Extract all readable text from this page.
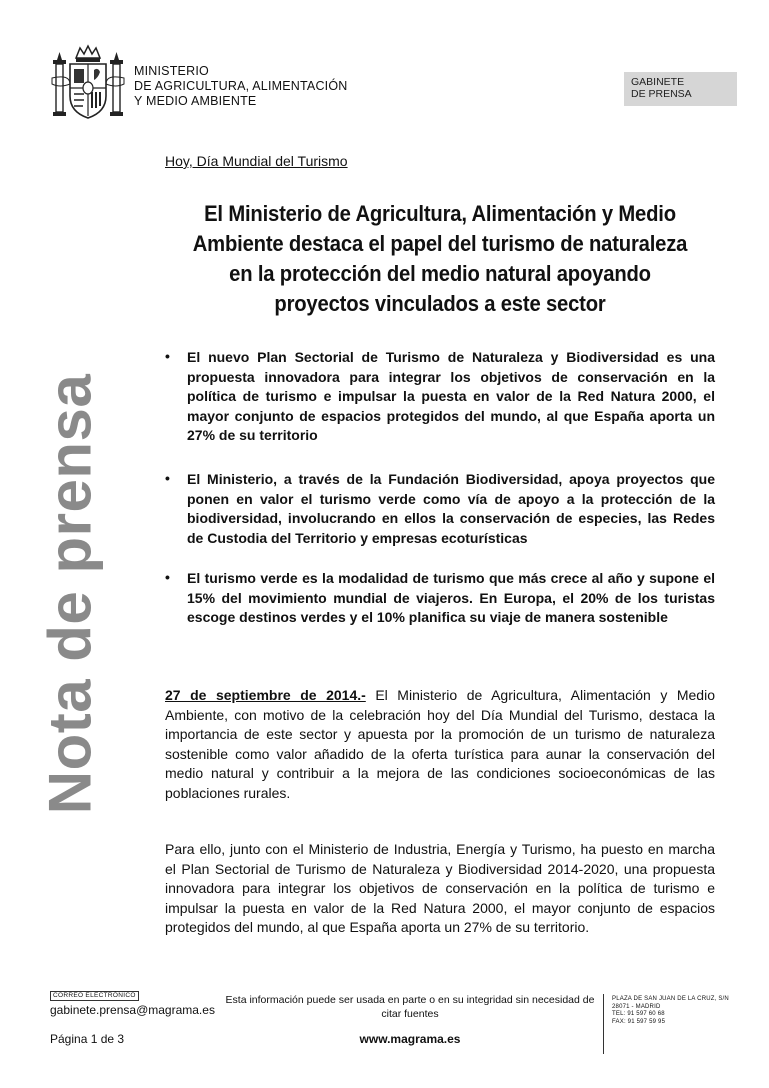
MINISTERIO
DE AGRICULTURA, ALIMENTACIÓN
Y MEDIO AMBIENTE
GABINETE
DE PRENSA
Nota de prensa
Hoy, Día Mundial del Turismo
El Ministerio de Agricultura, Alimentación y Medio
Ambiente destaca el papel del turismo de naturaleza
en la protección del medio natural apoyando
proyectos vinculados a este sector
• El nuevo Plan Sectorial de Turismo de Naturaleza y Biodiversidad es una propuesta innovadora para integrar los objetivos de conservación en la política de turismo e impulsar la puesta en valor de la Red Natura 2000, el mayor conjunto de espacios protegidos del mundo, al que España aporta un 27% de su territorio
• El Ministerio, a través de la Fundación Biodiversidad, apoya proyectos que ponen en valor el turismo verde como vía de apoyo a la protección de la biodiversidad, involucrando en ellos la conservación de especies, las Redes de Custodia del Territorio y empresas ecoturísticas
• El turismo verde es la modalidad de turismo que más crece al año y supone el 15% del movimiento mundial de viajeros. En Europa, el 20% de los turistas escoge destinos verdes y el 10% planifica su viaje de manera sostenible
27 de septiembre de 2014.- El Ministerio de Agricultura, Alimentación y Medio Ambiente, con motivo de la celebración hoy del Día Mundial del Turismo, destaca la importancia de este sector y apuesta por la promoción de un turismo de naturaleza sostenible como valor añadido de la oferta turística para aunar la conservación del medio natural y contribuir a la mejora de las condiciones socioeconómicas de las poblaciones rurales.
Para ello, junto con el Ministerio de Industria, Energía y Turismo, ha puesto en marcha el Plan Sectorial de Turismo de Naturaleza y Biodiversidad 2014-2020, una propuesta innovadora para integrar los objetivos de conservación en la política de turismo e impulsar la puesta en valor de la Red Natura 2000, el mayor conjunto de espacios protegidos del mundo, al que España aporta un 27% de su territorio.
CORREO ELECTRÓNICO
gabinete.prensa@magrama.es
Esta información puede ser usada en parte o en su integridad sin necesidad de citar fuentes
PLAZA DE SAN JUAN DE LA CRUZ, S/N
28071 - MADRID
TEL: 91 597 60 68
FAX: 91 597 59 95
Página 1 de 3	www.magrama.es
